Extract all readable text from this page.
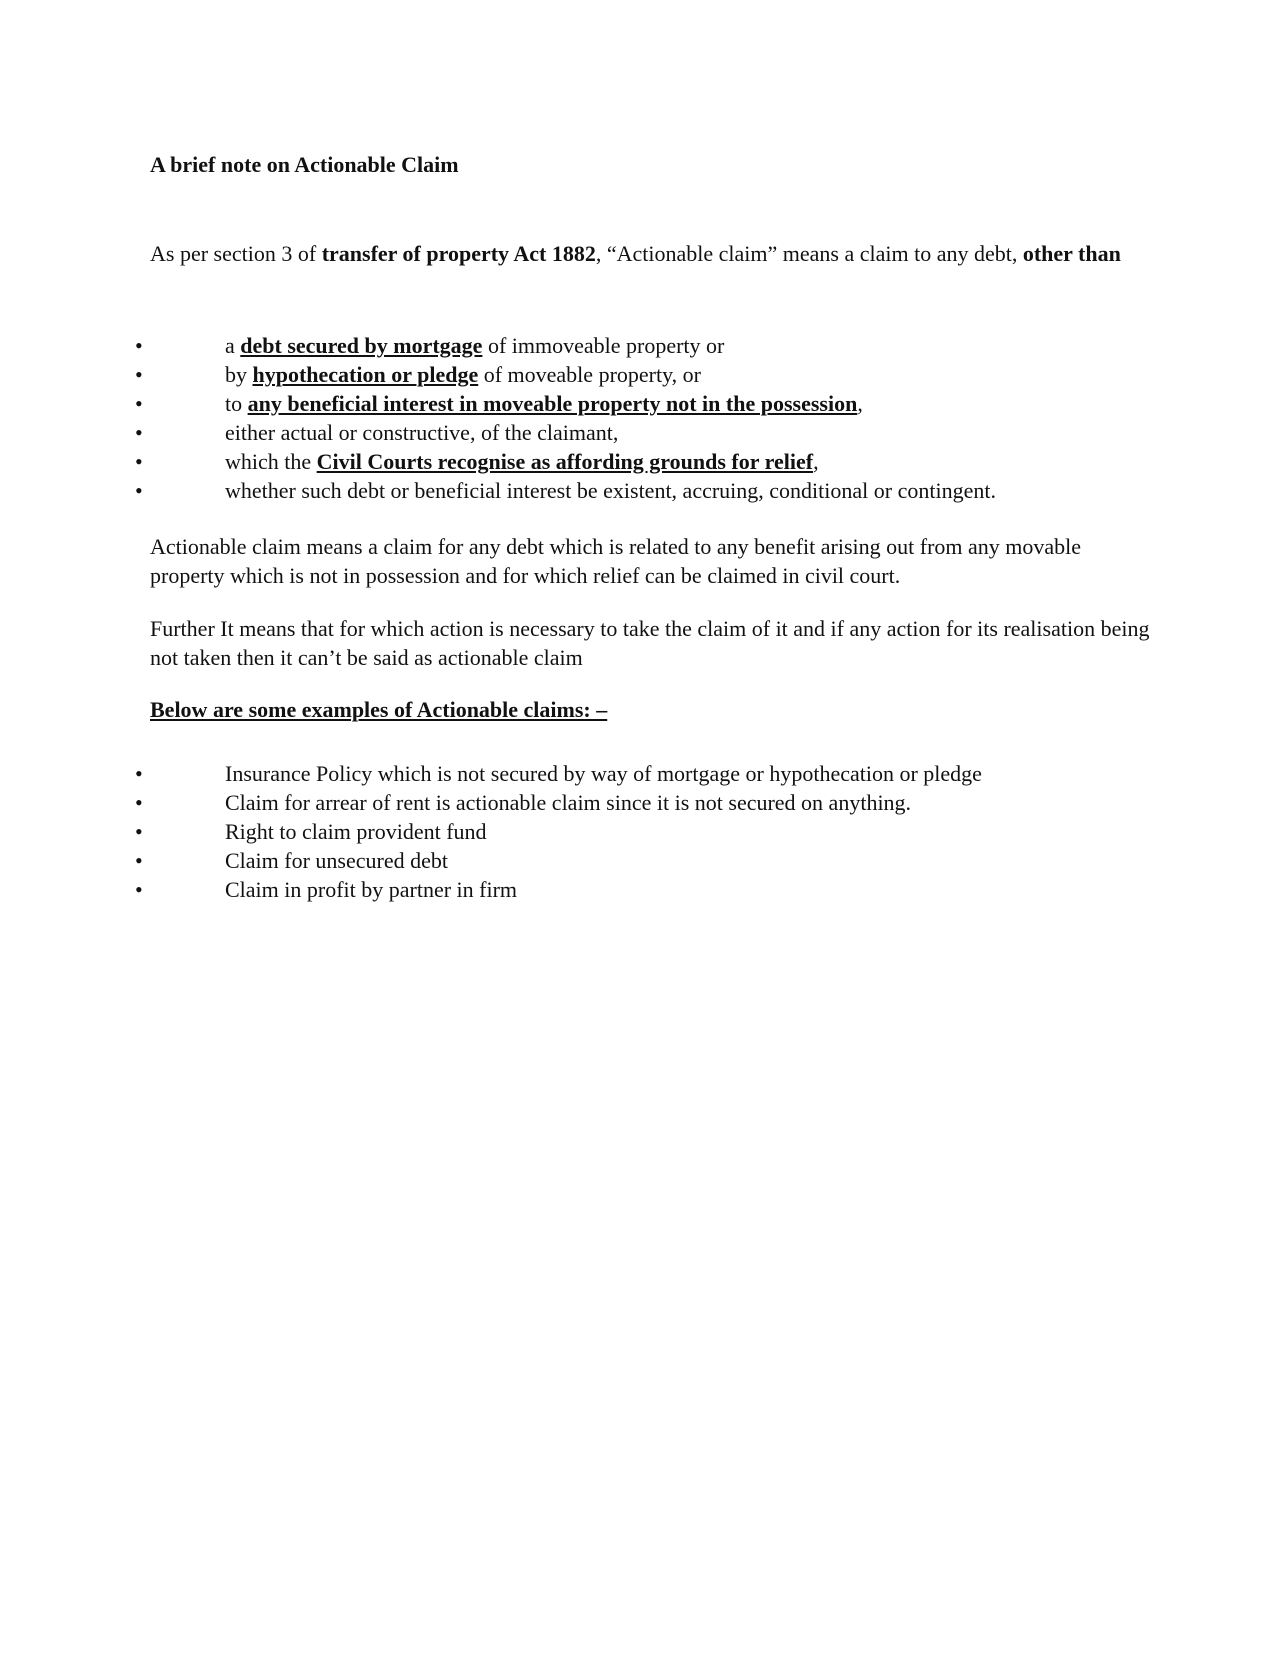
A brief note on Actionable Claim

As per section 3 of transfer of property Act 1882, “Actionable claim” means a claim to any debt, other than

•	a debt secured by mortgage of immoveable property or
•	by hypothecation or pledge of moveable property, or
•	to any beneficial interest in moveable property not in the possession,
•	either actual or constructive, of the claimant,
•	which the Civil Courts recognise as affording grounds for relief,
•	whether such debt or beneficial interest be existent, accruing, conditional or contingent.

Actionable claim means a claim for any debt which is related to any benefit arising out from any movable property which is not in possession and for which relief can be claimed in civil court.

Further It means that for which action is necessary to take the claim of it and if any action for its realisation being not taken then it can’t be said as actionable claim

Below are some examples of Actionable claims: –
•	Insurance Policy which is not secured by way of mortgage or hypothecation or pledge
•	Claim for arrear of rent is actionable claim since it is not secured on anything.
•	Right to claim provident fund
•	Claim for unsecured debt
•	Claim in profit by partner in firm
